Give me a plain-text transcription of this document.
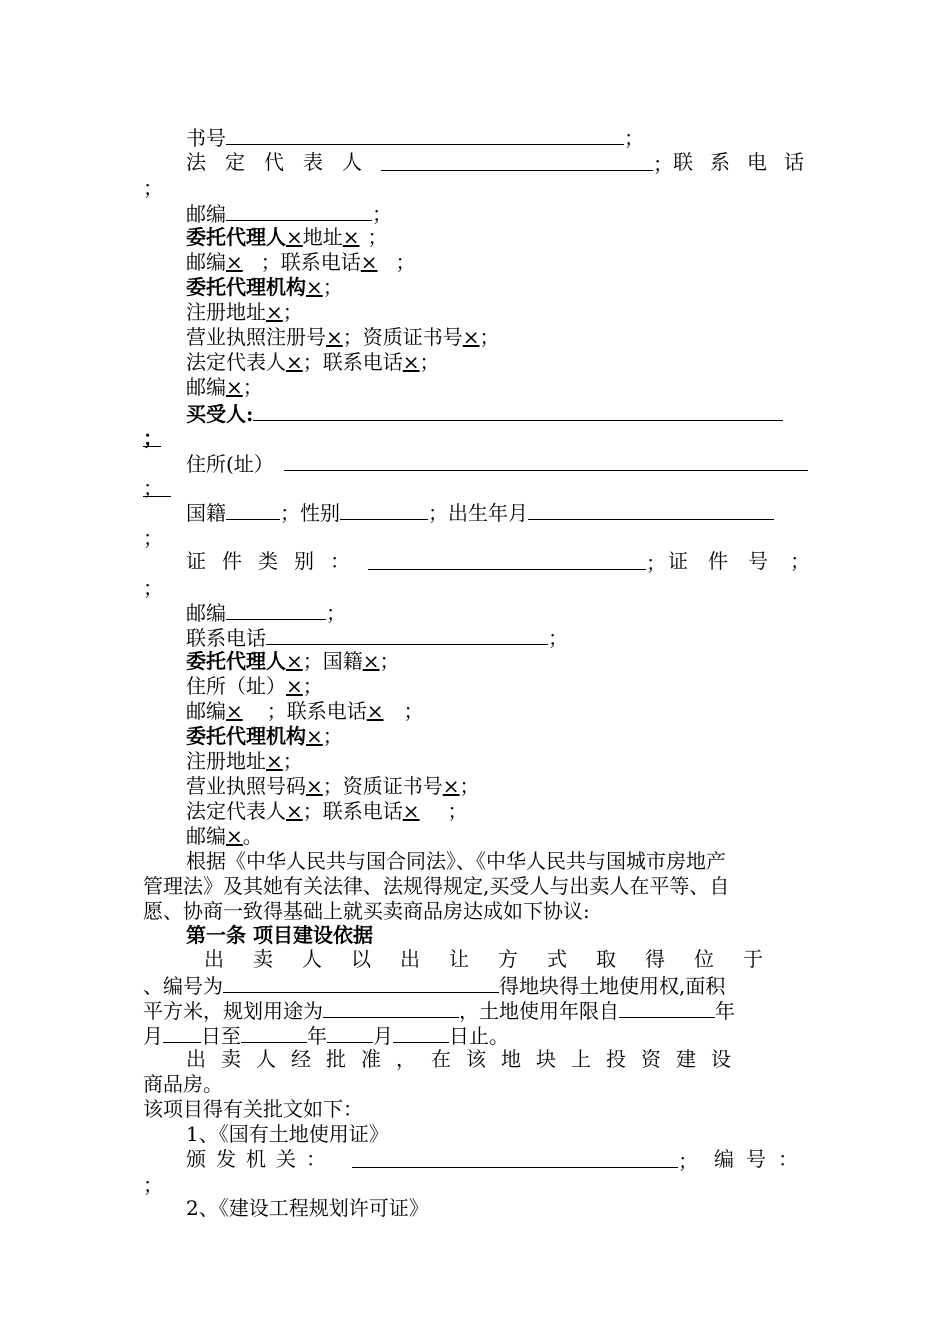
书号	；
法定代表人	； 联系电话
；
邮编	；
委托代理人×地址× ；
邮编× ；联系电话× ；
委托代理机构×；
注册地址×；
营业执照注册号×；资质证书号×；
法定代表人×；联系电话×；
邮编×；
买受人:
；
住所(址）
；
国籍	；性别	；出生年月
；
证件类别：	； 证件号 ；
；
邮编	；
联系电话	；
委托代理人×；国籍×；
住所（址）×；
邮编× ；联系电话× ；
委托代理机构×；
注册地址×；
营业执照号码×；资质证书号×；
法定代表人×；联系电话× ；
邮编×。
根据《中华人民共与国合同法》、《中华人民共与国城市房地产
管理法》及其她有关法律、法规得规定,买受人与出卖人在平等、自
愿、协商一致得基础上就买卖商品房达成如下协议:
第一条 项目建设依据
出卖人以出让方式取得位于
、编号为	得地块得土地使用权,面积
平方米，规划用途为	，土地使用年限自	年
月 日至	年 月	日止。
出卖人经批准，在该地块上投资建设
商品房。
该项目得有关批文如下：
1、《国有土地使用证》
颁发机关：	； 编号：
；
2、《建设工程规划许可证》
